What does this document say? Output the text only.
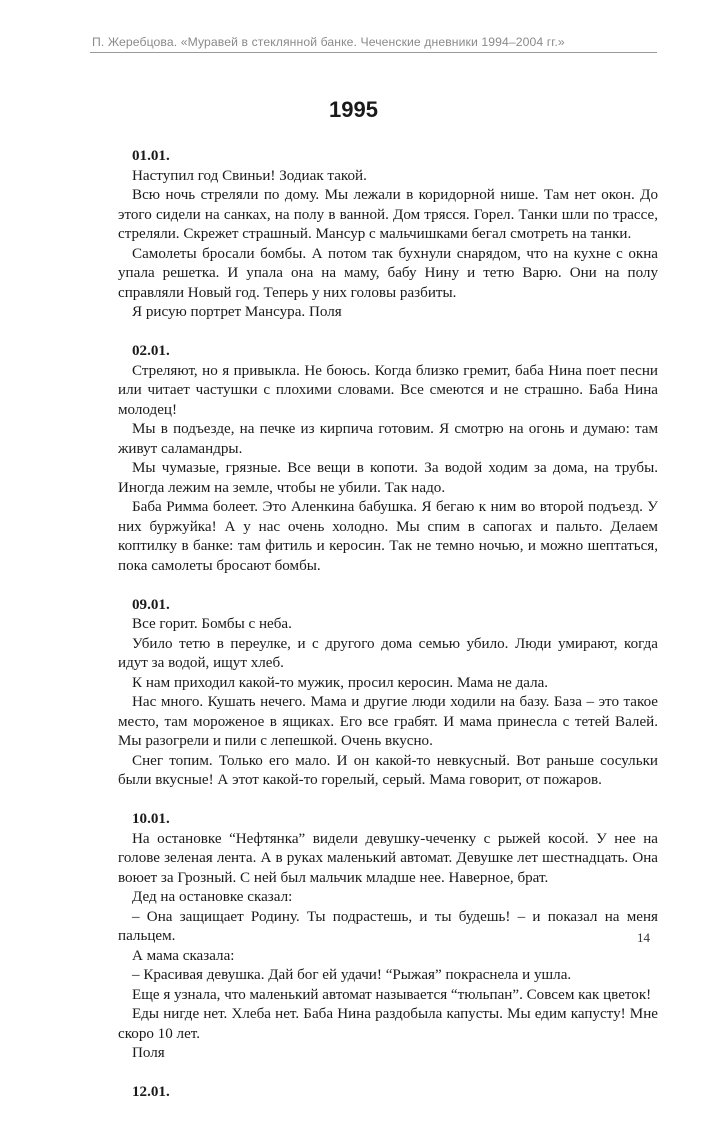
П. Жеребцова. «Муравей в стеклянной банке. Чеченские дневники 1994–2004 гг.»
1995
01.01.

Наступил год Свиньи! Зодиак такой.

Всю ночь стреляли по дому. Мы лежали в коридорной нише. Там нет окон. До этого сидели на санках, на полу в ванной. Дом трясся. Горел. Танки шли по трассе, стреляли. Скрежет страшный. Мансур с мальчишками бегал смотреть на танки.

Самолеты бросали бомбы. А потом так бухнули снарядом, что на кухне с окна упала решетка. И упала она на маму, бабу Нину и тетю Варю. Они на полу справляли Новый год. Теперь у них головы разбиты.

Я рисую портрет Мансура. Поля

02.01.

Стреляют, но я привыкла. Не боюсь. Когда близко гремит, баба Нина поет песни или читает частушки с плохими словами. Все смеются и не страшно. Баба Нина молодец!

Мы в подъезде, на печке из кирпича готовим. Я смотрю на огонь и думаю: там живут саламандры.

Мы чумазые, грязные. Все вещи в копоти. За водой ходим за дома, на трубы. Иногда лежим на земле, чтобы не убили. Так надо.

Баба Римма болеет. Это Аленкина бабушка. Я бегаю к ним во второй подъезд. У них буржуйка! А у нас очень холодно. Мы спим в сапогах и пальто. Делаем коптилку в банке: там фитиль и керосин. Так не темно ночью, и можно шептаться, пока самолеты бросают бомбы.

09.01.

Все горит. Бомбы с неба.

Убило тетю в переулке, и с другого дома семью убило. Люди умирают, когда идут за водой, ищут хлеб.

К нам приходил какой-то мужик, просил керосин. Мама не дала.

Нас много. Кушать нечего. Мама и другие люди ходили на базу. База – это такое место, там мороженое в ящиках. Его все грабят. И мама принесла с тетей Валей. Мы разогрели и пили с лепешкой. Очень вкусно.

Снег топим. Только его мало. И он какой-то невкусный. Вот раньше сосульки были вкусные! А этот какой-то горелый, серый. Мама говорит, от пожаров.

10.01.

На остановке “Нефтянка” видели девушку-чеченку с рыжей косой. У нее на голове зеленая лента. А в руках маленький автомат. Девушке лет шестнадцать. Она воюет за Грозный. С ней был мальчик младше нее. Наверное, брат.

Дед на остановке сказал:

– Она защищает Родину. Ты подрастешь, и ты будешь! – и показал на меня пальцем.

А мама сказала:

– Красивая девушка. Дай бог ей удачи! “Рыжая” покраснела и ушла.

Еще я узнала, что маленький автомат называется “тюльпан”. Совсем как цветок!

Еды нигде нет. Хлеба нет. Баба Нина раздобыла капусты. Мы едим капусту! Мне скоро 10 лет.

Поля

12.01.
14
